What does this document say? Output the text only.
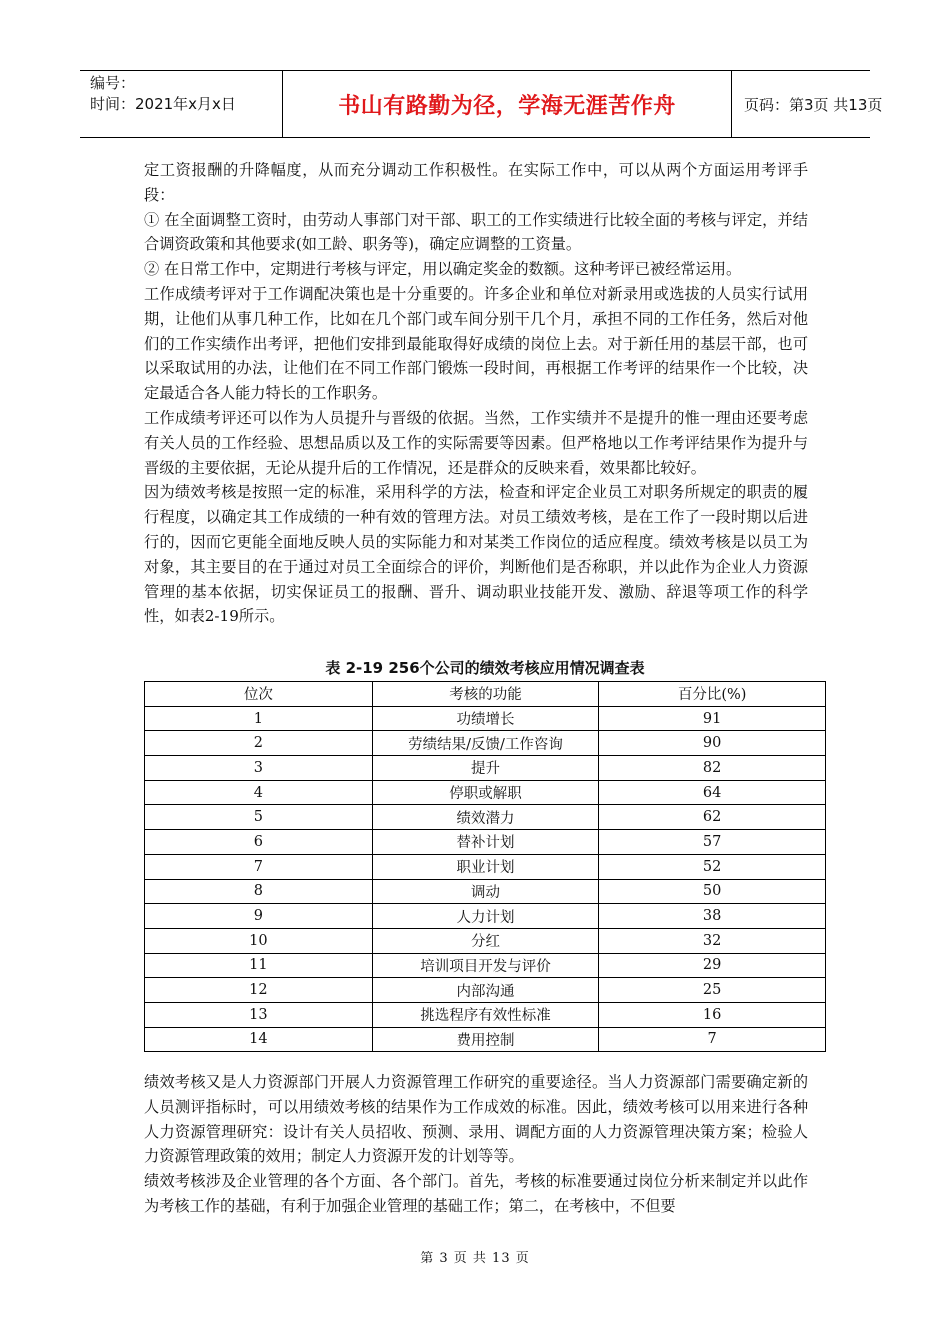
编号：
时间：2021年x月x日	书山有路勤为径，学海无涯苦作舟	页码：第3页 共13页

定工资报酬的升降幅度，从而充分调动工作积极性。在实际工作中，可以从两个方面运用考评手段：

① 在全面调整工资时，由劳动人事部门对干部、职工的工作实绩进行比较全面的考核与评定，并结合调资政策和其他要求(如工龄、职务等)，确定应调整的工资量。

② 在日常工作中，定期进行考核与评定，用以确定奖金的数额。这种考评已被经常运用。

工作成绩考评对于工作调配决策也是十分重要的。许多企业和单位对新录用或选拔的人员实行试用期，让他们从事几种工作，比如在几个部门或车间分别干几个月，承担不同的工作任务，然后对他们的工作实绩作出考评，把他们安排到最能取得好成绩的岗位上去。对于新任用的基层干部，也可以采取试用的办法，让他们在不同工作部门锻炼一段时间，再根据工作考评的结果作一个比较，决定最适合各人能力特长的工作职务。

工作成绩考评还可以作为人员提升与晋级的依据。当然，工作实绩并不是提升的惟一理由还要考虑有关人员的工作经验、思想品质以及工作的实际需要等因素。但严格地以工作考评结果作为提升与晋级的主要依据，无论从提升后的工作情况，还是群众的反映来看，效果都比较好。

因为绩效考核是按照一定的标准，采用科学的方法，检查和评定企业员工对职务所规定的职责的履行程度，以确定其工作成绩的一种有效的管理方法。对员工绩效考核，是在工作了一段时期以后进行的，因而它更能全面地反映人员的实际能力和对某类工作岗位的适应程度。绩效考核是以员工为对象，其主要目的在于通过对员工全面综合的评价，判断他们是否称职，并以此作为企业人力资源管理的基本依据，切实保证员工的报酬、晋升、调动职业技能开发、激励、辞退等项工作的科学性，如表2-19所示。

表 2-19 256个公司的绩效考核应用情况调查表
位次	考核的功能	百分比(%)
1	功绩增长	91
2	劳绩结果/反馈/工作咨询	90
3	提升	82
4	停职或解职	64
5	绩效潜力	62
6	替补计划	57
7	职业计划	52
8	调动	50
9	人力计划	38
10	分红	32
11	培训项目开发与评价	29
12	内部沟通	25
13	挑选程序有效性标准	16
14	费用控制	7

绩效考核又是人力资源部门开展人力资源管理工作研究的重要途径。当人力资源部门需要确定新的人员测评指标时，可以用绩效考核的结果作为工作成效的标准。因此，绩效考核可以用来进行各种人力资源管理研究：设计有关人员招收、预测、录用、调配方面的人力资源管理决策方案；检验人力资源管理政策的效用；制定人力资源开发的计划等等。

绩效考核涉及企业管理的各个方面、各个部门。首先，考核的标准要通过岗位分析来制定并以此作为考核工作的基础，有利于加强企业管理的基础工作；第二，在考核中，不但要

第 3 页 共 13 页
